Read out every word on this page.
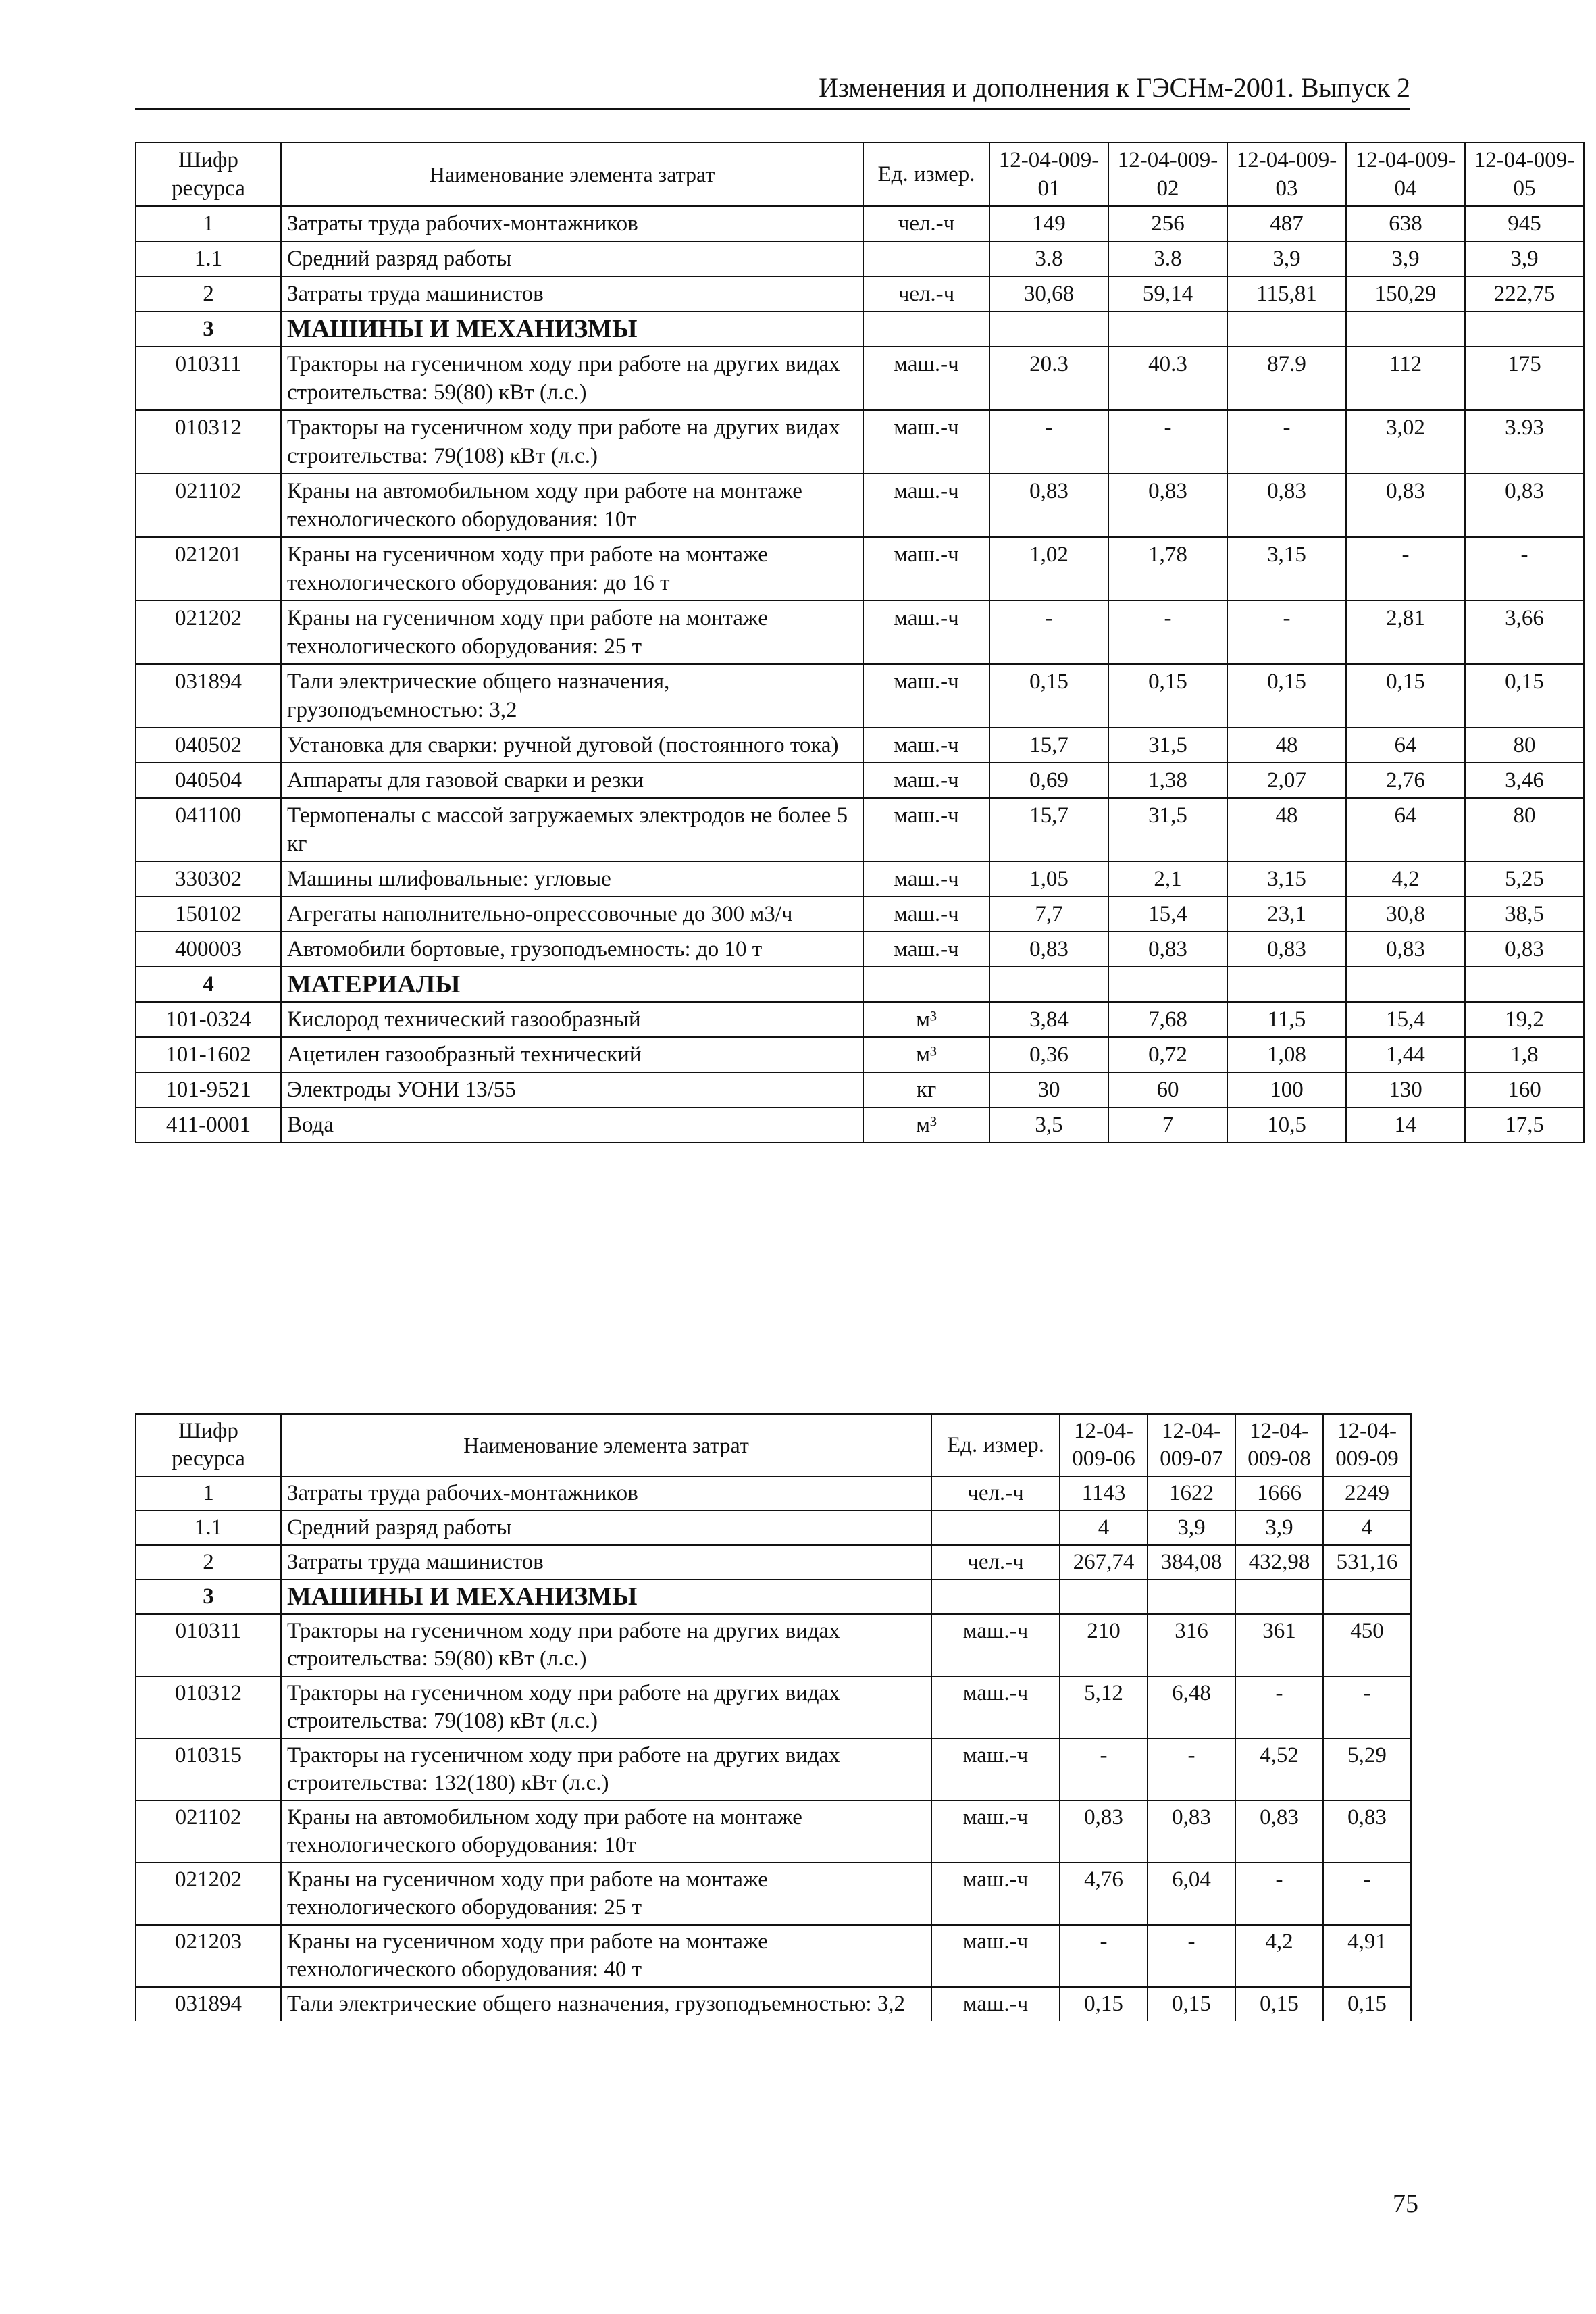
Изменения и дополнения к ГЭСНм-2001. Выпуск 2
Шифр ресурса	Наименование элемента затрат	Ед. измер.	12-04-009-01	12-04-009-02	12-04-009-03	12-04-009-04	12-04-009-05
1	Затраты труда рабочих-монтажников	чел.-ч	149	256	487	638	945
1.1	Средний разряд работы		3.8	3.8	3,9	3,9	3,9
2	Затраты труда машинистов	чел.-ч	30,68	59,14	115,81	150,29	222,75
3	МАШИНЫ И МЕХАНИЗМЫ						
010311	Тракторы на гусеничном ходу при работе на других видах строительства: 59(80) кВт (л.с.)	маш.-ч	20.3	40.3	87.9	112	175
010312	Тракторы на гусеничном ходу при работе на других видах строительства: 79(108) кВт (л.с.)	маш.-ч	-	-	-	3,02	3.93
021102	Краны на автомобильном ходу при работе на монтаже технологического оборудования: 10т	маш.-ч	0,83	0,83	0,83	0,83	0,83
021201	Краны на гусеничном ходу при работе на монтаже технологического оборудования: до 16 т	маш.-ч	1,02	1,78	3,15	-	-
021202	Краны на гусеничном ходу при работе на монтаже технологического оборудования: 25 т	маш.-ч	-	-	-	2,81	3,66
031894	Тали электрические общего назначения, грузоподъемностью: 3,2	маш.-ч	0,15	0,15	0,15	0,15	0,15
040502	Установка для сварки: ручной дуговой (постоянного тока)	маш.-ч	15,7	31,5	48	64	80
040504	Аппараты для газовой сварки и резки	маш.-ч	0,69	1,38	2,07	2,76	3,46
041100	Термопеналы с массой загружаемых электродов не более 5 кг	маш.-ч	15,7	31,5	48	64	80
330302	Машины шлифовальные: угловые	маш.-ч	1,05	2,1	3,15	4,2	5,25
150102	Агрегаты наполнительно-опрессовочные до 300 м3/ч	маш.-ч	7,7	15,4	23,1	30,8	38,5
400003	Автомобили бортовые, грузоподъемность: до 10 т	маш.-ч	0,83	0,83	0,83	0,83	0,83
4	МАТЕРИАЛЫ						
101-0324	Кислород технический газообразный	м³	3,84	7,68	11,5	15,4	19,2
101-1602	Ацетилен газообразный технический	м³	0,36	0,72	1,08	1,44	1,8
101-9521	Электроды УОНИ 13/55	кг	30	60	100	130	160
411-0001	Вода	м³	3,5	7	10,5	14	17,5
Шифр ресурса	Наименование элемента затрат	Ед. измер.	12-04-009-06	12-04-009-07	12-04-009-08	12-04-009-09
1	Затраты труда рабочих-монтажников	чел.-ч	1143	1622	1666	2249
1.1	Средний разряд работы		4	3,9	3,9	4
2	Затраты труда машинистов	чел.-ч	267,74	384,08	432,98	531,16
3	МАШИНЫ И МЕХАНИЗМЫ					
010311	Тракторы на гусеничном ходу при работе на других видах строительства: 59(80) кВт (л.с.)	маш.-ч	210	316	361	450
010312	Тракторы на гусеничном ходу при работе на других видах строительства: 79(108) кВт (л.с.)	маш.-ч	5,12	6,48	-	-
010315	Тракторы на гусеничном ходу при работе на других видах строительства: 132(180) кВт (л.с.)	маш.-ч	-	-	4,52	5,29
021102	Краны на автомобильном ходу при работе на монтаже технологического оборудования: 10т	маш.-ч	0,83	0,83	0,83	0,83
021202	Краны на гусеничном ходу при работе на монтаже технологического оборудования: 25 т	маш.-ч	4,76	6,04	-	-
021203	Краны на гусеничном ходу при работе на монтаже технологического оборудования: 40 т	маш.-ч	-	-	4,2	4,91
031894	Тали электрические общего назначения, грузоподъемностью: 3,2	маш.-ч	0,15	0,15	0,15	0,15
75
